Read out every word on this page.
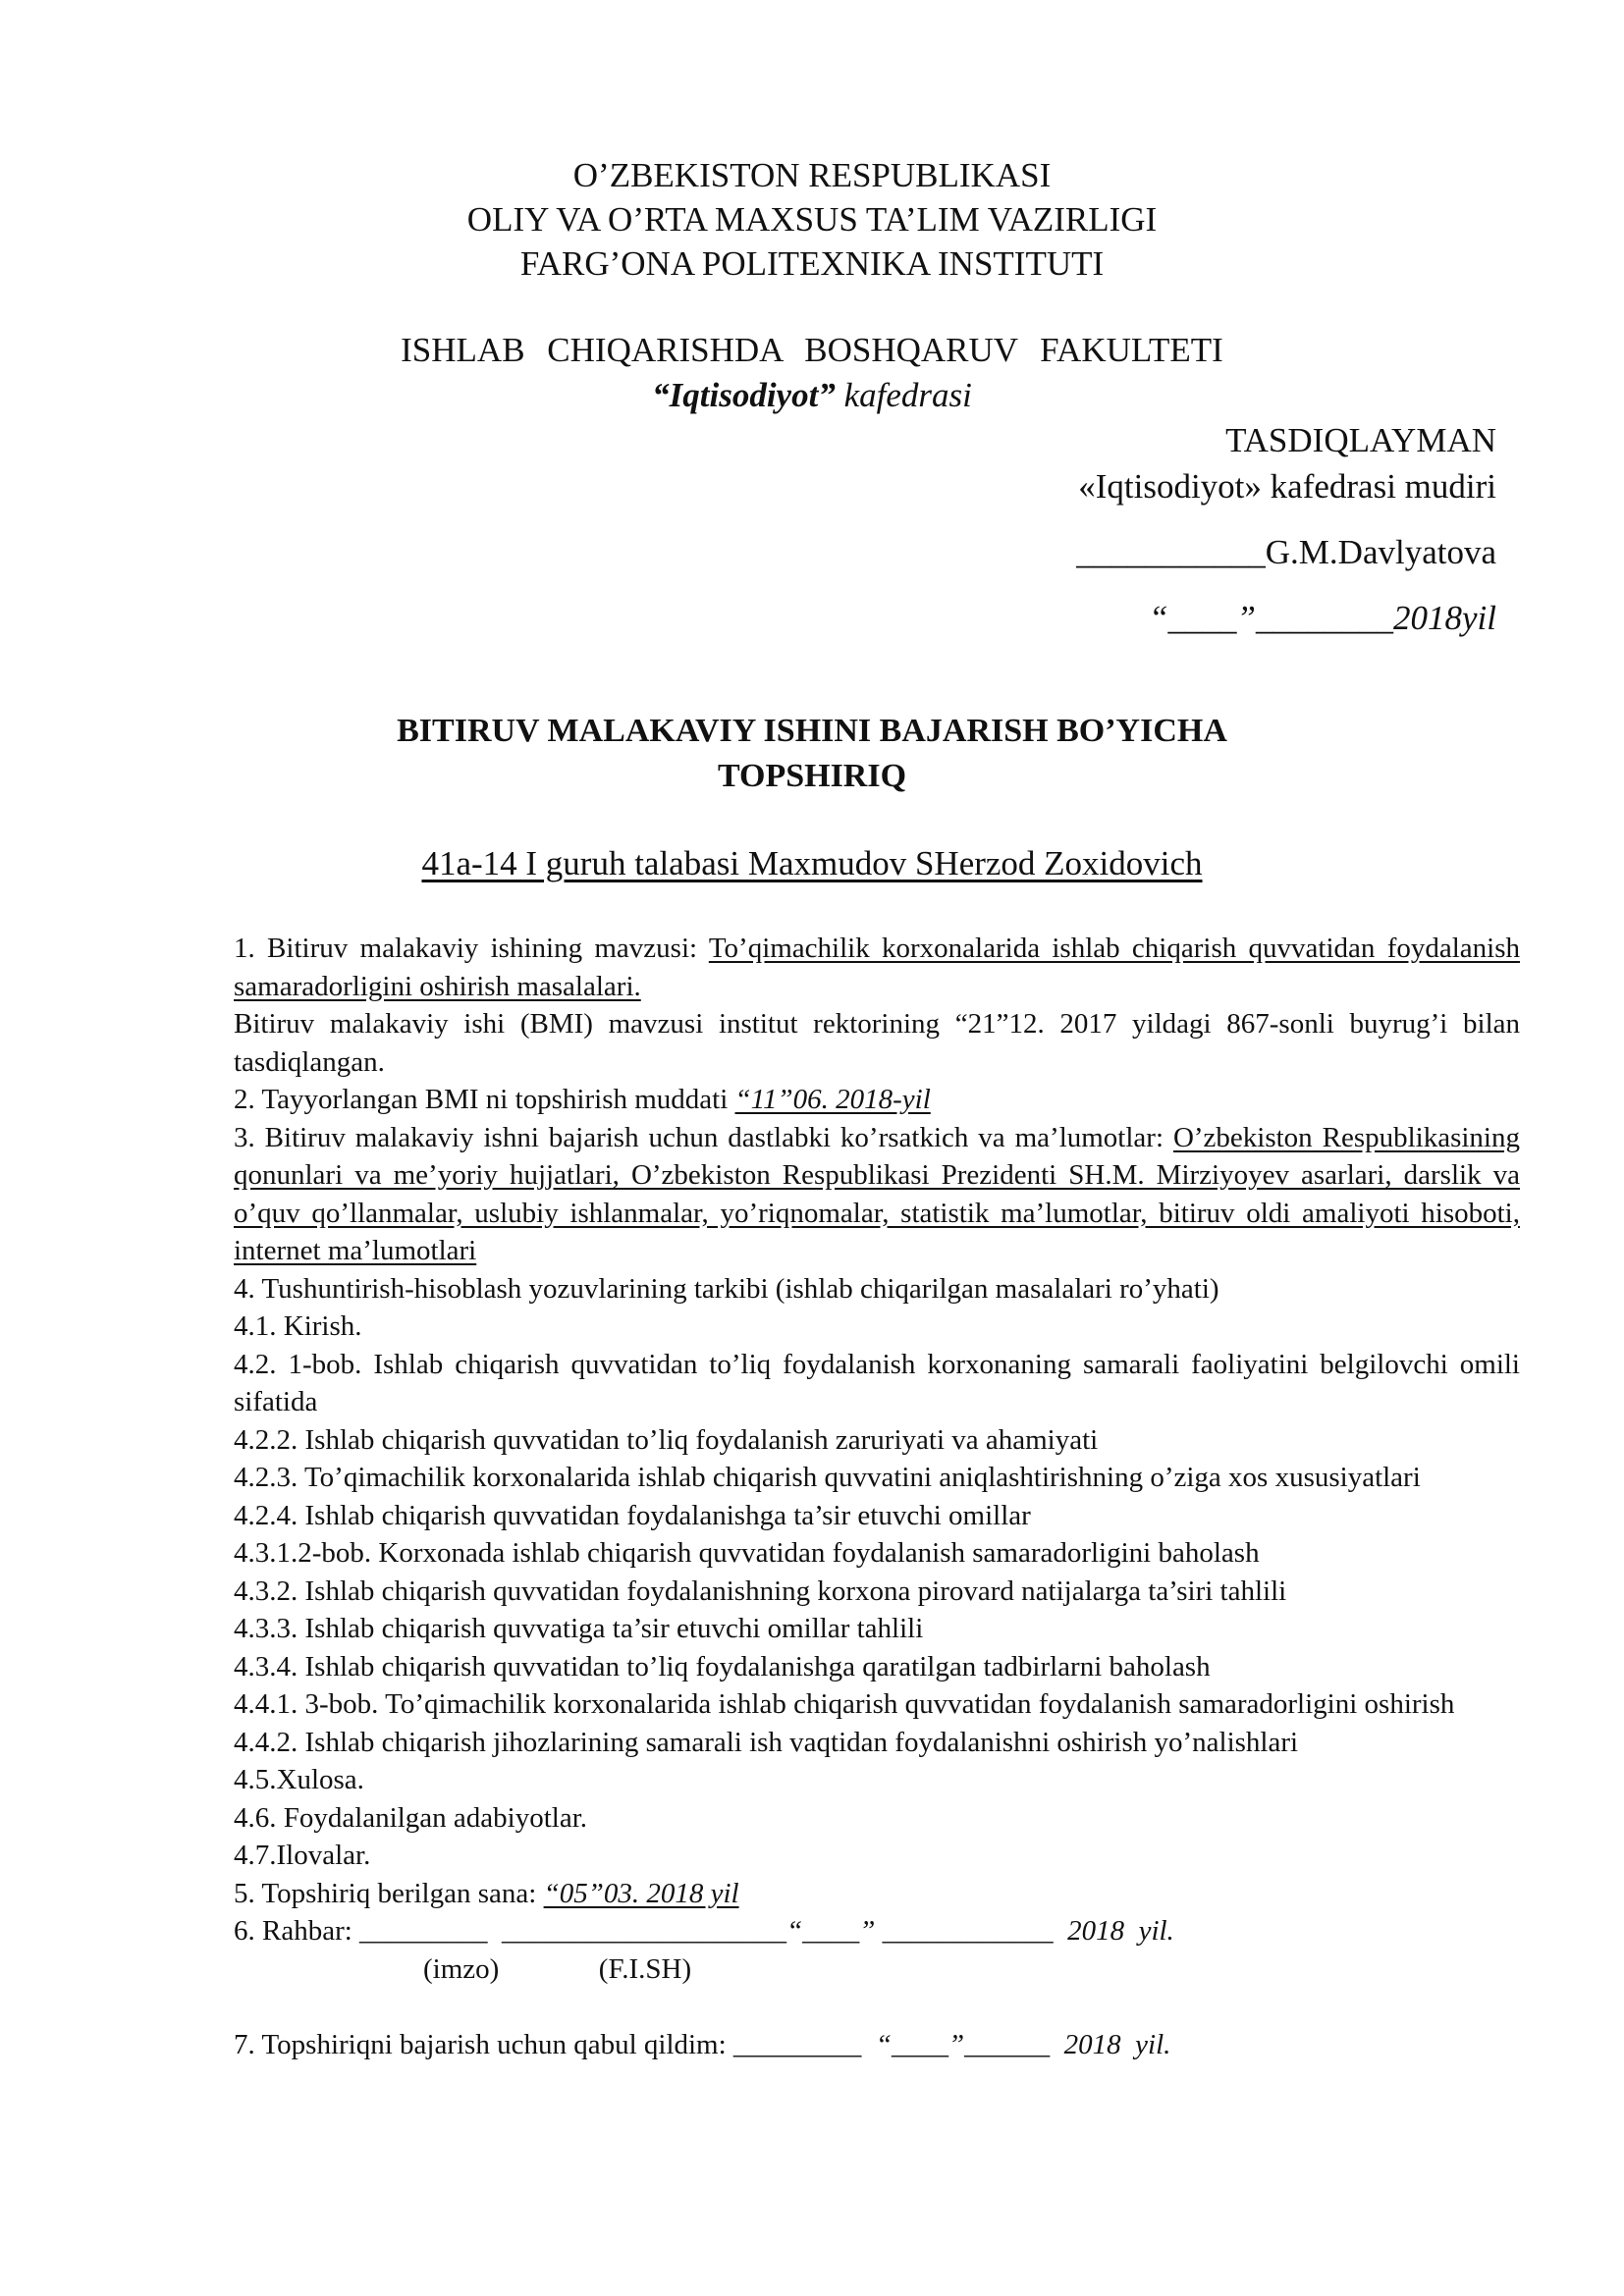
O’ZBEKISTON RESPUBLIKASI
OLIY VA O’RTA MAXSUS TA’LIM VAZIRLIGI
FARG’ONA POLITEXNIKA INSTITUTI
ISHLAB CHIQARISHDA BOSHQARUV FAKULTETI
“Iqtisodiyot” kafedrasi
TASDIQLAYMAN
«Iqtisodiyot» kafedrasi mudiri
___________G.M.Davlyatova
“____”________2018yil
BITIRUV MALAKAVIY ISHINI BAJARISH BO’YICHA
TOPSHIRIQ
41a-14 I guruh talabasi Maxmudov SHerzod Zoxidovich

1. Bitiruv malakaviy ishining mavzusi: To’qimachilik korxonalarida ishlab chiqarish quvvatidan foydalanish samaradorligini oshirish masalalari.

Bitiruv malakaviy ishi (BMI) mavzusi institut rektorining “21”12. 2017 yildagi 867-sonli buyrug’i bilan tasdiqlangan.

2. Tayyorlangan BMI ni topshirish muddati “11”06. 2018-yil

3. Bitiruv malakaviy ishni bajarish uchun dastlabki ko’rsatkich va ma’lumotlar: O’zbekiston Respublikasining qonunlari va me’yoriy hujjatlari, O’zbekiston Respublikasi Prezidenti SH.M. Mirziyoyev asarlari, darslik va o’quv qo’llanmalar, uslubiy ishlanmalar, yo’riqnomalar, statistik ma’lumotlar, bitiruv oldi amaliyoti hisoboti, internet ma’lumotlari

4. Tushuntirish-hisoblash yozuvlarining tarkibi (ishlab chiqarilgan masalalari ro’yhati)

4.1. Kirish.

4.2. 1-bob. Ishlab chiqarish quvvatidan to’liq foydalanish korxonaning samarali faoliyatini belgilovchi omili sifatida

4.2.2. Ishlab chiqarish quvvatidan to’liq foydalanish zaruriyati va ahamiyati

4.2.3. To’qimachilik korxonalarida ishlab chiqarish quvvatini aniqlashtirishning o’ziga xos xususiyatlari

4.2.4. Ishlab chiqarish quvvatidan foydalanishga ta’sir etuvchi omillar

4.3.1.2-bob. Korxonada ishlab chiqarish quvvatidan foydalanish samaradorligini baholash

4.3.2. Ishlab chiqarish quvvatidan foydalanishning korxona pirovard natijalarga ta’siri tahlili

4.3.3. Ishlab chiqarish quvvatiga ta’sir etuvchi omillar tahlili

4.3.4. Ishlab chiqarish quvvatidan to’liq foydalanishga qaratilgan tadbirlarni baholash

4.4.1. 3-bob. To’qimachilik korxonalarida ishlab chiqarish quvvatidan foydalanish samaradorligini oshirish

4.4.2. Ishlab chiqarish jihozlarining samarali ish vaqtidan foydalanishni oshirish yo’nalishlari

4.5.Xulosa.

4.6. Foydalanilgan adabiyotlar.

4.7.Ilovalar.

5. Topshiriq berilgan sana: “05”03. 2018 yil

6. Rahbar: _________  ____________________“____” ____________  2018  yil.

(imzo)              (F.I.SH)

7. Topshiriqni bajarish uchun qabul qildim: _________  “____”______  2018  yil.
